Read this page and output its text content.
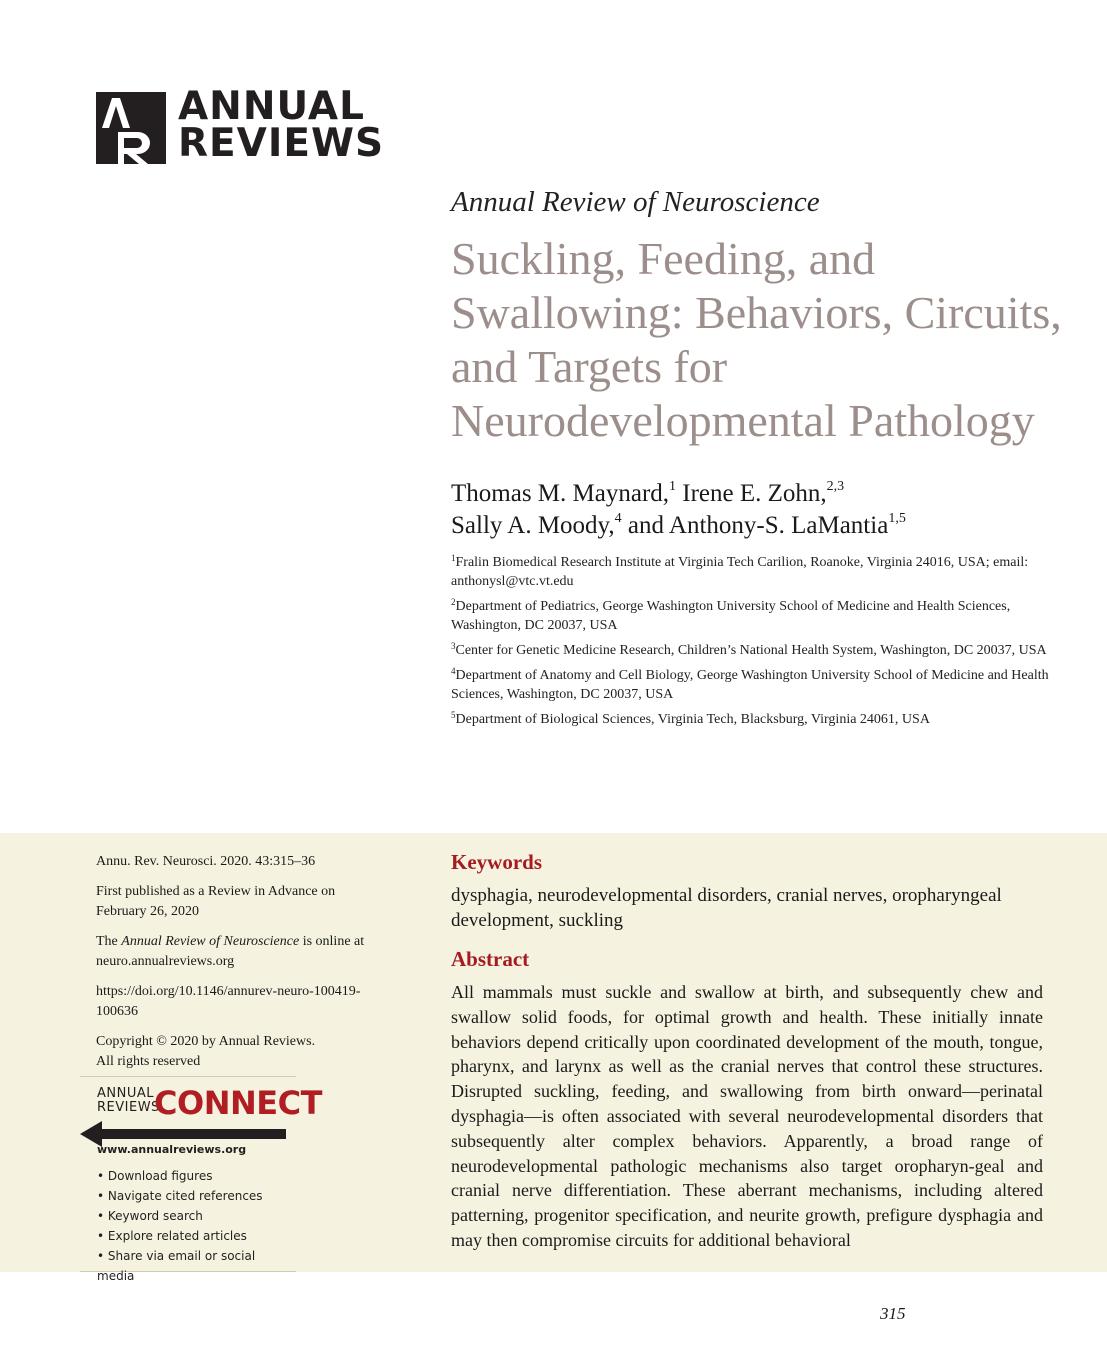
ANNUAL
REVIEWS
Annual Review of Neuroscience
Suckling, Feeding, and Swallowing: Behaviors, Circuits, and Targets for Neurodevelopmental Pathology
Thomas M. Maynard,$^1$ Irene E. Zohn,$^{2,3}$
Sally A. Moody,$^4$ and Anthony-S. LaMantia$^{1,5}$
$^1$Fralin Biomedical Research Institute at Virginia Tech Carilion, Roanoke, Virginia 24016, USA; email: anthonysl@vtc.vt.edu
$^2$Department of Pediatrics, George Washington University School of Medicine and Health Sciences, Washington, DC 20037, USA
$^3$Center for Genetic Medicine Research, Children’s National Health System, Washington, DC 20037, USA
$^4$Department of Anatomy and Cell Biology, George Washington University School of Medicine and Health Sciences, Washington, DC 20037, USA
$^5$Department of Biological Sciences, Virginia Tech, Blacksburg, Virginia 24061, USA

Annu. Rev. Neurosci. 2020. 43:315–36

First published as a Review in Advance on February 26, 2020

The Annual Review of Neuroscience is online at neuro.annualreviews.org

https://doi.org/10.1146/annurev-neuro-100419-100636

Copyright © 2020 by Annual Reviews.
All rights reserved

ANNUAL
REVIEWS
CONNECT
www.annualreviews.org
• Download figures
• Navigate cited references
• Keyword search
• Explore related articles
• Share via email or social media
Keywords

dysphagia, neurodevelopmental disorders, cranial nerves, oropharyngeal development, suckling

Abstract

All mammals must suckle and swallow at birth, and subsequently chew and swallow solid foods, for optimal growth and health. These initially innate behaviors depend critically upon coordinated development of the mouth, tongue, pharynx, and larynx as well as the cranial nerves that control these structures. Disrupted suckling, feeding, and swallowing from birth onward—perinatal dysphagia—is often associated with several neurodevelopmental disorders that subsequently alter complex behaviors. Apparently, a broad range of neurodevelopmental pathologic mechanisms also target oropharyn-geal and cranial nerve differentiation. These aberrant mechanisms, including altered patterning, progenitor specification, and neurite growth, prefigure dysphagia and may then compromise circuits for additional behavioral

315
